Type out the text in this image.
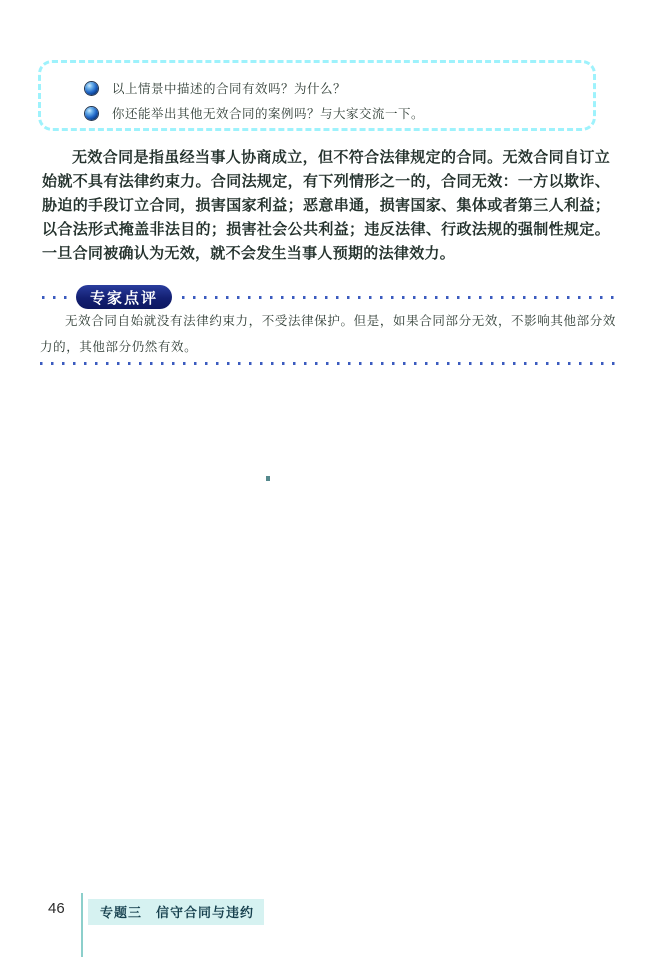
以上情景中描述的合同有效吗？为什么？
你还能举出其他无效合同的案例吗？与大家交流一下。

无效合同是指虽经当事人协商成立，但不符合法律规定的合同。无效合同自订立始就不具有法律约束力。合同法规定，有下列情形之一的，合同无效：一方以欺诈、胁迫的手段订立合同，损害国家利益；恶意串通，损害国家、集体或者第三人利益；以合法形式掩盖非法目的；损害社会公共利益；违反法律、行政法规的强制性规定。一旦合同被确认为无效，就不会发生当事人预期的法律效力。

专家点评

无效合同自始就没有法律约束力，不受法律保护。但是，如果合同部分无效，不影响其他部分效力的，其他部分仍然有效。

46	专题三　信守合同与违约
